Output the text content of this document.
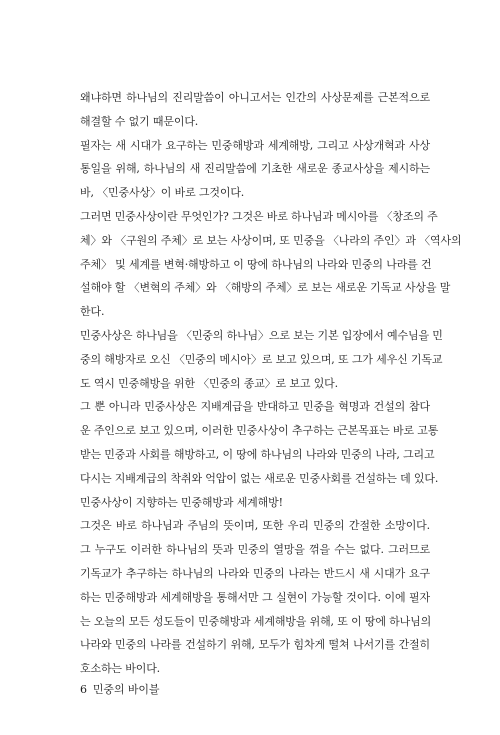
왜냐하면 하나님의 진리말씀이 아니고서는 인간의 사상문제를 근본적으로
해결할 수 없기 때문이다.
필자는 새 시대가 요구하는 민중해방과 세계해방, 그리고 사상개혁과 사상
통일을 위해, 하나님의 새 진리말씀에 기초한 새로운 종교사상을 제시하는
바, 〈민중사상〉이 바로 그것이다.
그러면 민중사상이란 무엇인가? 그것은 바로 하나님과 메시아를 〈창조의 주
체〉와 〈구원의 주체〉로 보는 사상이며, 또 민중을 〈나라의 주인〉과 〈역사의
주체〉 및 세계를 변혁·해방하고 이 땅에 하나님의 나라와 민중의 나라를 건
설해야 할 〈변혁의 주체〉와 〈해방의 주체〉로 보는 새로운 기독교 사상을 말
한다.
민중사상은 하나님을 〈민중의 하나님〉으로 보는 기본 입장에서 예수님을 민
중의 해방자로 오신 〈민중의 메시아〉로 보고 있으며, 또 그가 세우신 기독교
도 역시 민중해방을 위한 〈민중의 종교〉로 보고 있다.
그 뿐 아니라 민중사상은 지배계급을 반대하고 민중을 혁명과 건설의 참다
운 주인으로 보고 있으며, 이러한 민중사상이 추구하는 근본목표는 바로 고통
받는 민중과 사회를 해방하고, 이 땅에 하나님의 나라와 민중의 나라, 그리고
다시는 지배계급의 착취와 억압이 없는 새로운 민중사회를 건설하는 데 있다.
민중사상이 지향하는 민중해방과 세계해방!
그것은 바로 하나님과 주님의 뜻이며, 또한 우리 민중의 간절한 소망이다.
그 누구도 이러한 하나님의 뜻과 민중의 열망을 꺾을 수는 없다. 그러므로
기독교가 추구하는 하나님의 나라와 민중의 나라는 반드시 새 시대가 요구
하는 민중해방과 세계해방을 통해서만 그 실현이 가능할 것이다. 이에 필자
는 오늘의 모든 성도들이 민중해방과 세계해방을 위해, 또 이 땅에 하나님의
나라와 민중의 나라를 건설하기 위해, 모두가 힘차게 떨쳐 나서기를 간절히
호소하는 바이다.
6 민중의 바이블
